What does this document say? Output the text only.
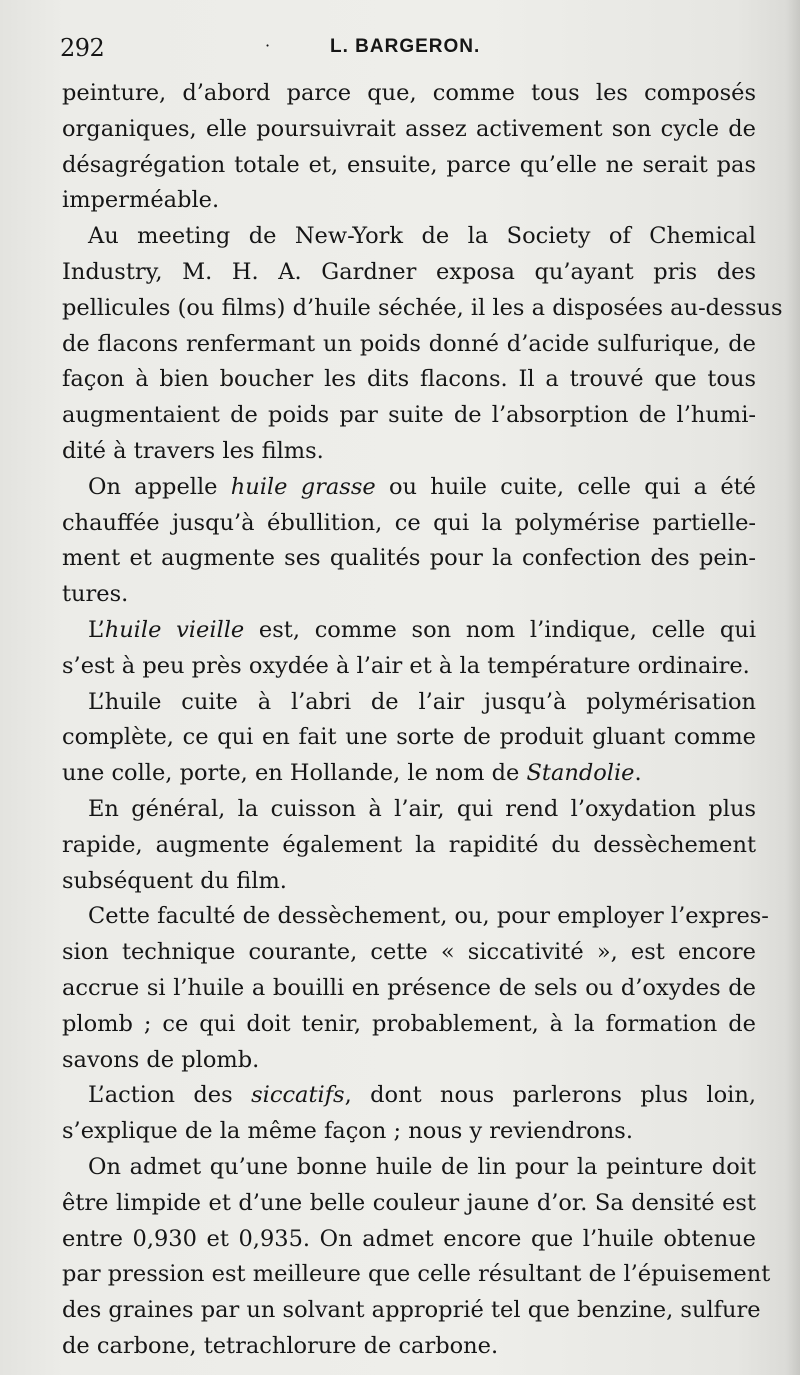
292	·	L. BARGERON.
peinture, d’abord parce que, comme tous les composés
organiques, elle poursuivrait assez activement son cycle de
désagrégation totale et, ensuite, parce qu’elle ne serait pas
imperméable.
Au meeting de New-York de la Society of Chemical
Industry, M. H. A. Gardner exposa qu’ayant pris des
pellicules (ou films) d’huile séchée, il les a disposées au-dessus
de flacons renfermant un poids donné d’acide sulfurique, de
façon à bien boucher les dits flacons. Il a trouvé que tous
augmentaient de poids par suite de l’absorption de l’humi-
dité à travers les films.
On appelle huile grasse ou huile cuite, celle qui a été
chauffée jusqu’à ébullition, ce qui la polymérise partielle-
ment et augmente ses qualités pour la confection des pein-
tures.
L’huile vieille est, comme son nom l’indique, celle qui
s’est à peu près oxydée à l’air et à la température ordinaire.
L’huile cuite à l’abri de l’air jusqu’à polymérisation
complète, ce qui en fait une sorte de produit gluant comme
une colle, porte, en Hollande, le nom de Standolie.
En général, la cuisson à l’air, qui rend l’oxydation plus
rapide, augmente également la rapidité du dessèchement
subséquent du film.
Cette faculté de dessèchement, ou, pour employer l’expres-
sion technique courante, cette « siccativité », est encore
accrue si l’huile a bouilli en présence de sels ou d’oxydes de
plomb ; ce qui doit tenir, probablement, à la formation de
savons de plomb.
L’action des siccatifs, dont nous parlerons plus loin,
s’explique de la même façon ; nous y reviendrons.
On admet qu’une bonne huile de lin pour la peinture doit
être limpide et d’une belle couleur jaune d’or. Sa densité est
entre 0,930 et 0,935. On admet encore que l’huile obtenue
par pression est meilleure que celle résultant de l’épuisement
des graines par un solvant approprié tel que benzine, sulfure
de carbone, tetrachlorure de carbone.
